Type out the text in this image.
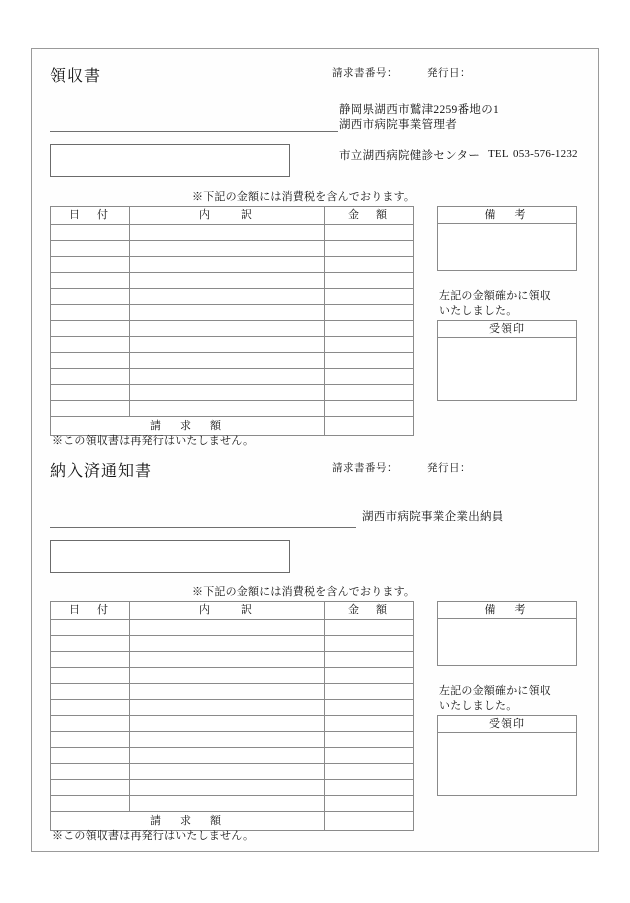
領収書	請求書番号：	発行日：
静岡県湖西市鷲津2259番地の1
湖西市病院事業管理者
市立湖西病院健診センター TEL 053-576-1232
※下記の金額には消費税を含んでおります。
日　付	内　　訳	金　額

請　求　額		
※この領収書は再発行はいたしません。
備　考

左記の金額確かに領収
いたしました。
受領印

納入済通知書	請求書番号：	発行日：
湖西市病院事業企業出納員
※下記の金額には消費税を含んでおります。
日　付	内　　訳	金　額

請　求　額		
※この領収書は再発行はいたしません。
備　考

左記の金額確かに領収
いたしました。
受領印
